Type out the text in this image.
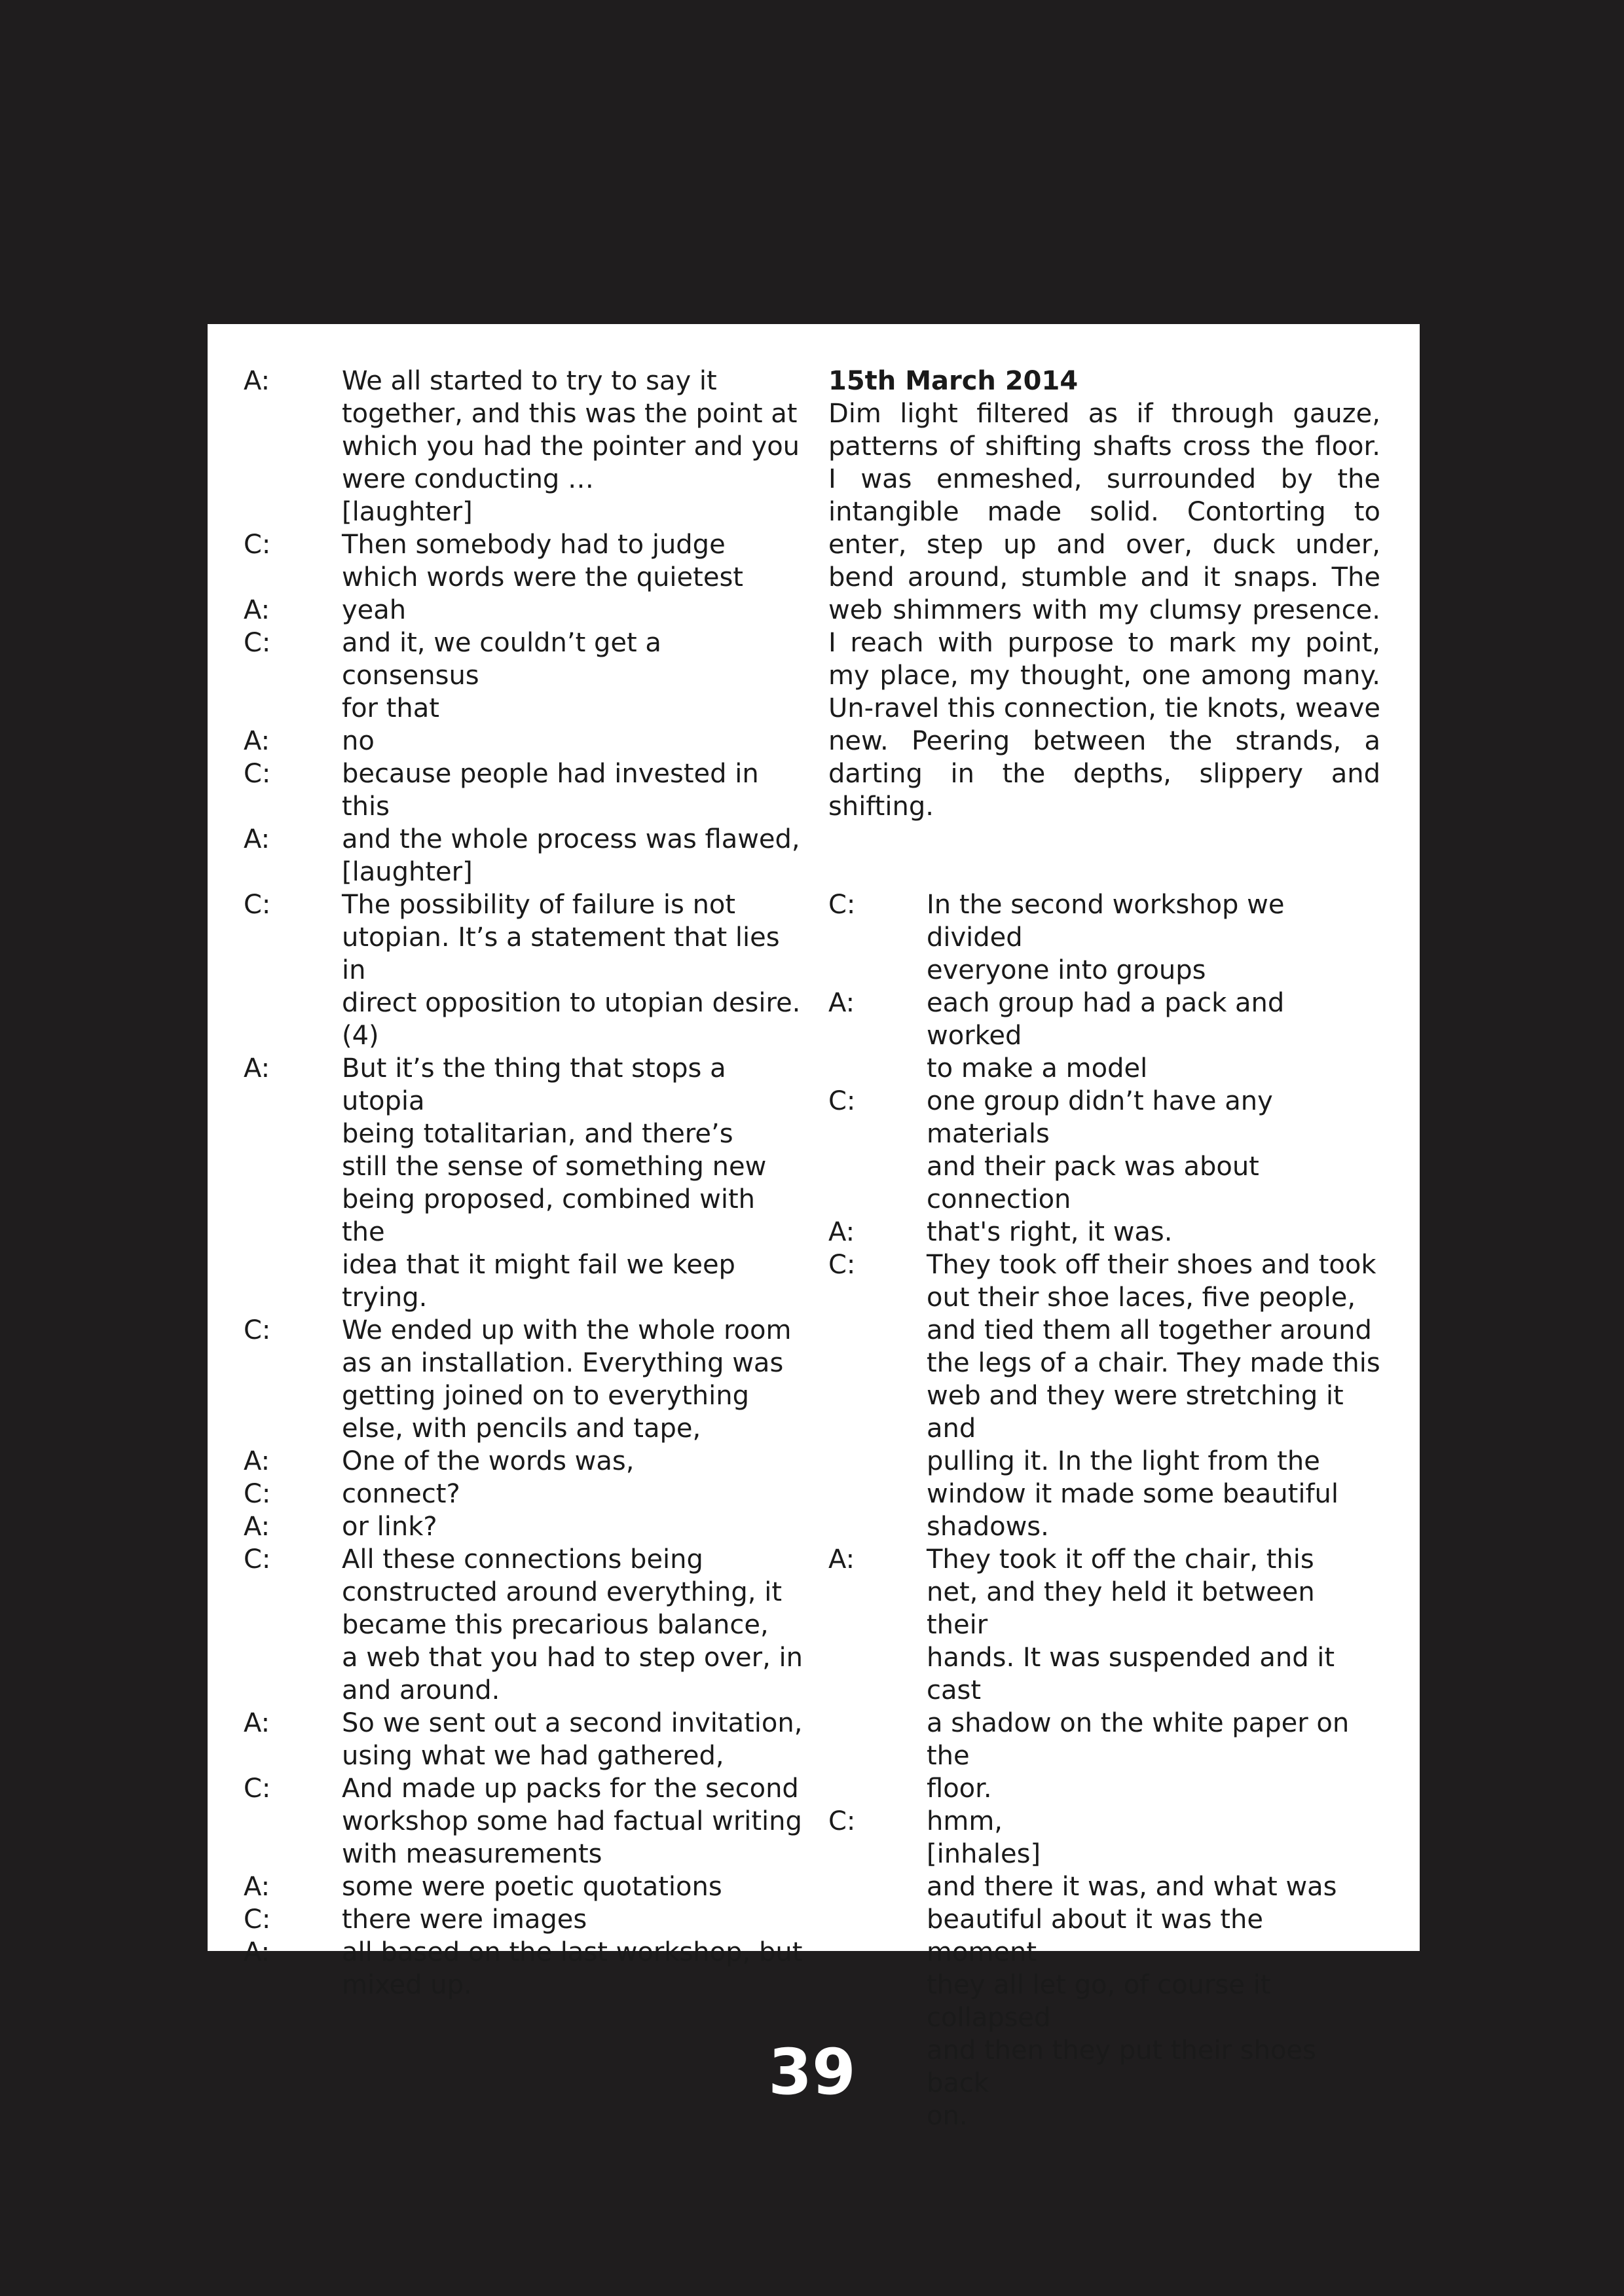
A:	We all started to try to say it
together, and this was the point at
which you had the pointer and you
were conducting …
[laughter]
C:	Then somebody had to judge
which words were the quietest
A:	yeah
C:	and it, we couldn’t get a consensus
for that
A:	no
C:	because people had invested in this
A:	and the whole process was flawed,
[laughter]
C:	The possibility of failure is not
utopian. It’s a statement that lies in
direct opposition to utopian desire.
(4)
A:	But it’s the thing that stops a utopia
being totalitarian, and there’s
still the sense of something new
being proposed, combined with the
idea that it might fail we keep
trying.
C:	We ended up with the whole room
as an installation. Everything was
getting joined on to everything
else, with pencils and tape,
A:	One of the words was,
C:	connect?
A:	or link?
C:	All these connections being
constructed around everything, it
became this precarious balance,
a web that you had to step over, in
and around.
A:	So we sent out a second invitation,
using what we had gathered,
C:	And made up packs for the second
workshop some had factual writing
with measurements
A:	some were poetic quotations
C:	there were images
A:	all based on the last workshop, but
mixed up.
15th March 2014
Dim light filtered as if through gauze, patterns of shifting shafts cross the floor. I was enmeshed, surrounded by the intangible made solid. Contorting to enter, step up and over, duck under, bend around, stumble and it snaps. The web shimmers with my clumsy presence. I reach with purpose to mark my point, my place, my thought, one among many. Un-ravel this connection, tie knots, weave new. Peering between the strands, a darting in the depths, slippery and shifting.
C:	In the second workshop we divided
everyone into groups
A:	each group had a pack and worked
to make a model
C:	one group didn’t have any materials
and their pack was about connection
A:	that's right, it was.
C:	They took off their shoes and took
out their shoe laces, five people,
and tied them all together around
the legs of a chair. They made this
web and they were stretching it and
pulling it. In the light from the
window it made some beautiful
shadows.
A:	They took it off the chair, this
net, and they held it between their
hands. It was suspended and it cast
a shadow on the white paper on the
floor.
C:	hmm,
[inhales]
and there it was, and what was
beautiful about it was the moment
they all let go, of course it collapsed
and then they put their shoes back
on.
39
